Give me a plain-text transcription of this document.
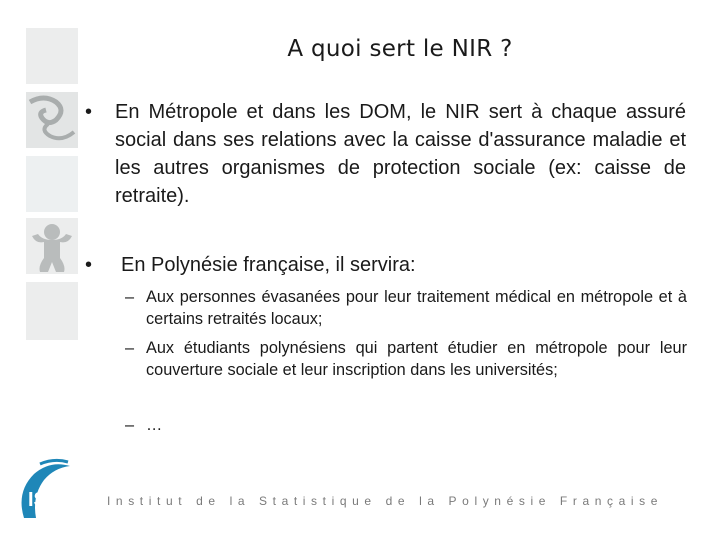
A quoi sert le NIR ?
• En Métropole et dans les DOM, le NIR sert à chaque assuré social dans ses relations avec la caisse d'assurance maladie et les autres organismes de protection sociale (ex: caisse de retraite).
• En Polynésie française, il servira:
– Aux personnes évasanées pour leur traitement médical en métropole et à certains retraités locaux;
– Aux étudiants polynésiens qui partent étudier en métropole pour leur couverture sociale et leur inscription dans les universités;
– …
ISPF	Institut de la Statistique de la Polynésie Française
